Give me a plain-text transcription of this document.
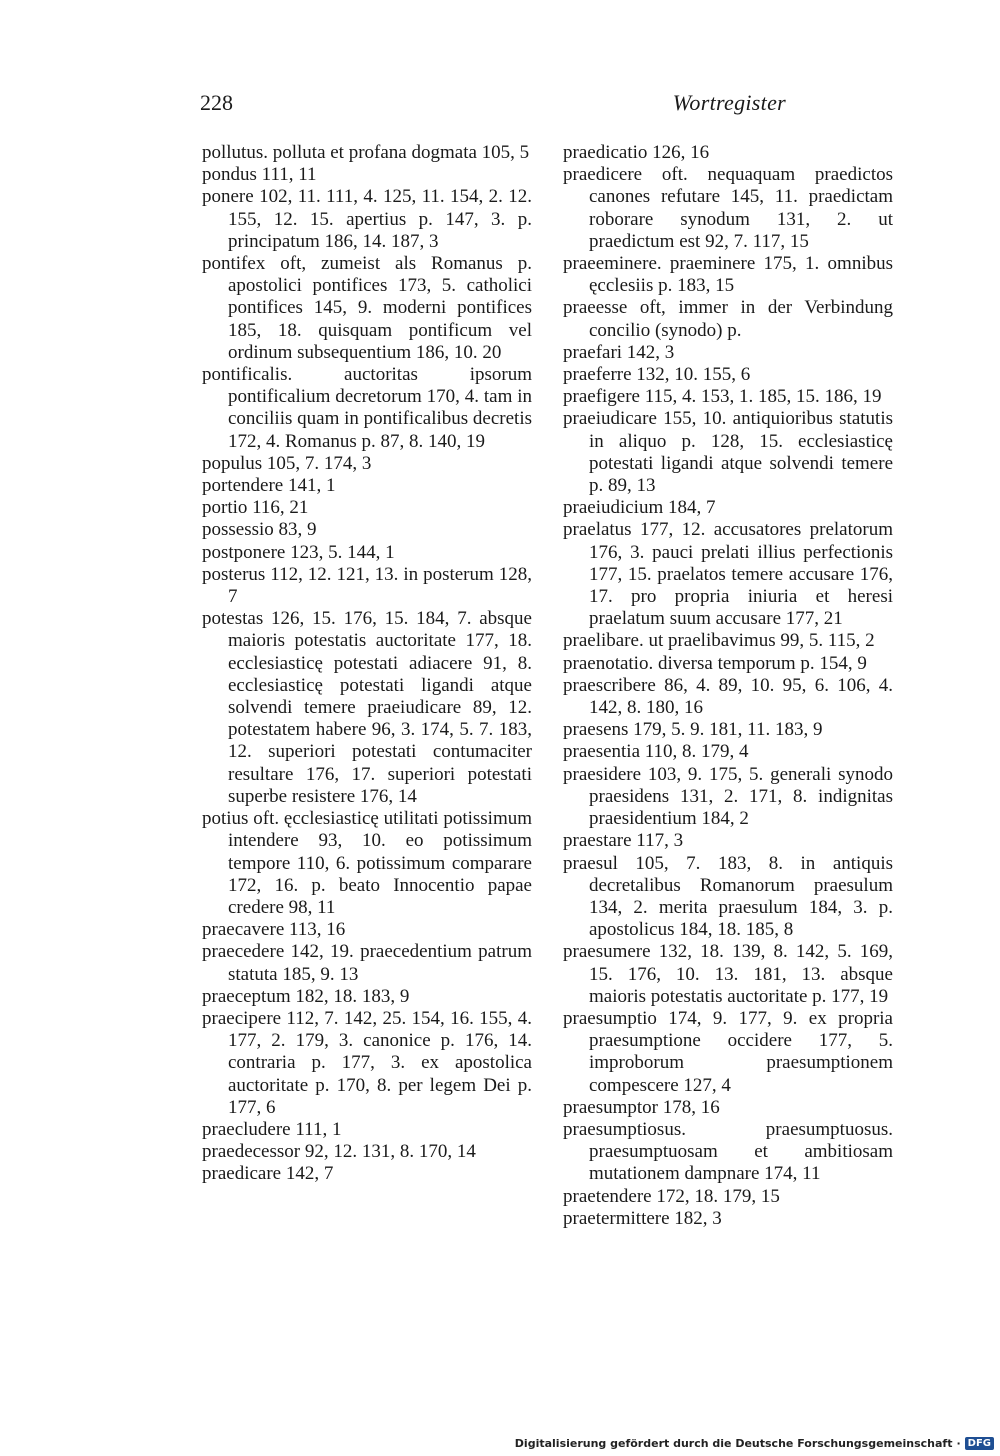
228	Wortregister

pollutus. polluta et profana dogmata 105, 5

pondus 111, 11

ponere 102, 11. 111, 4. 125, 11. 154, 2. 12. 155, 12. 15. apertius p. 147, 3. p. principatum 186, 14. 187, 3

pontifex oft, zumeist als Romanus p. apostolici pontifices 173, 5. catholici pontifices 145, 9. moderni pontifices 185, 18. quisquam pontificum vel ordinum subsequentium 186, 10. 20

pontificalis. auctoritas ipsorum pontificalium decretorum 170, 4. tam in conciliis quam in pontificalibus decretis 172, 4. Romanus p. 87, 8. 140, 19

populus 105, 7. 174, 3

portendere 141, 1

portio 116, 21

possessio 83, 9

postponere 123, 5. 144, 1

posterus 112, 12. 121, 13. in posterum 128, 7

potestas 126, 15. 176, 15. 184, 7. absque maioris potestatis auctoritate 177, 18. ecclesiasticę potestati adiacere 91, 8. ecclesiasticę potestati ligandi atque solvendi temere praeiudicare 89, 12. potestatem habere 96, 3. 174, 5. 7. 183, 12. superiori potestati contumaciter resultare 176, 17. superiori potestati superbe resistere 176, 14

potius oft. ęcclesiasticę utilitati potissimum intendere 93, 10. eo potissimum tempore 110, 6. potissimum comparare 172, 16. p. beato Innocentio papae credere 98, 11

praecavere 113, 16

praecedere 142, 19. praecedentium patrum statuta 185, 9. 13

praeceptum 182, 18. 183, 9

praecipere 112, 7. 142, 25. 154, 16. 155, 4. 177, 2. 179, 3. canonice p. 176, 14. contraria p. 177, 3. ex apostolica auctoritate p. 170, 8. per legem Dei p. 177, 6

praecludere 111, 1

praedecessor 92, 12. 131, 8. 170, 14

praedicare 142, 7

praedicatio 126, 16

praedicere oft. nequaquam praedictos canones refutare 145, 11. praedictam roborare synodum 131, 2. ut praedictum est 92, 7. 117, 15

praeeminere. praeminere 175, 1. omnibus ęcclesiis p. 183, 15

praeesse oft, immer in der Verbindung concilio (synodo) p.

praefari 142, 3

praeferre 132, 10. 155, 6

praefigere 115, 4. 153, 1. 185, 15. 186, 19

praeiudicare 155, 10. antiquioribus statutis in aliquo p. 128, 15. ecclesiasticę potestati ligandi atque solvendi temere p. 89, 13

praeiudicium 184, 7

praelatus 177, 12. accusatores prelatorum 176, 3. pauci prelati illius perfectionis 177, 15. praelatos temere accusare 176, 17. pro propria iniuria et heresi praelatum suum accusare 177, 21

praelibare. ut praelibavimus 99, 5. 115, 2

praenotatio. diversa temporum p. 154, 9

praescribere 86, 4. 89, 10. 95, 6. 106, 4. 142, 8. 180, 16

praesens 179, 5. 9. 181, 11. 183, 9

praesentia 110, 8. 179, 4

praesidere 103, 9. 175, 5. generali synodo praesidens 131, 2. 171, 8. indignitas praesidentium 184, 2

praestare 117, 3

praesul 105, 7. 183, 8. in antiquis decretalibus Romanorum praesulum 134, 2. merita praesulum 184, 3. p. apostolicus 184, 18. 185, 8

praesumere 132, 18. 139, 8. 142, 5. 169, 15. 176, 10. 13. 181, 13. absque maioris potestatis auctoritate p. 177, 19

praesumptio 174, 9. 177, 9. ex propria praesumptione occidere 177, 5. improborum praesumptionem compescere 127, 4

praesumptor 178, 16

praesumptiosus. praesumptuosus. praesumptuosam et ambitiosam mutationem dampnare 174, 11

praetendere 172, 18. 179, 15

praetermittere 182, 3

Digitalisierung gefördert durch die Deutsche Forschungsgemeinschaft · DFG
